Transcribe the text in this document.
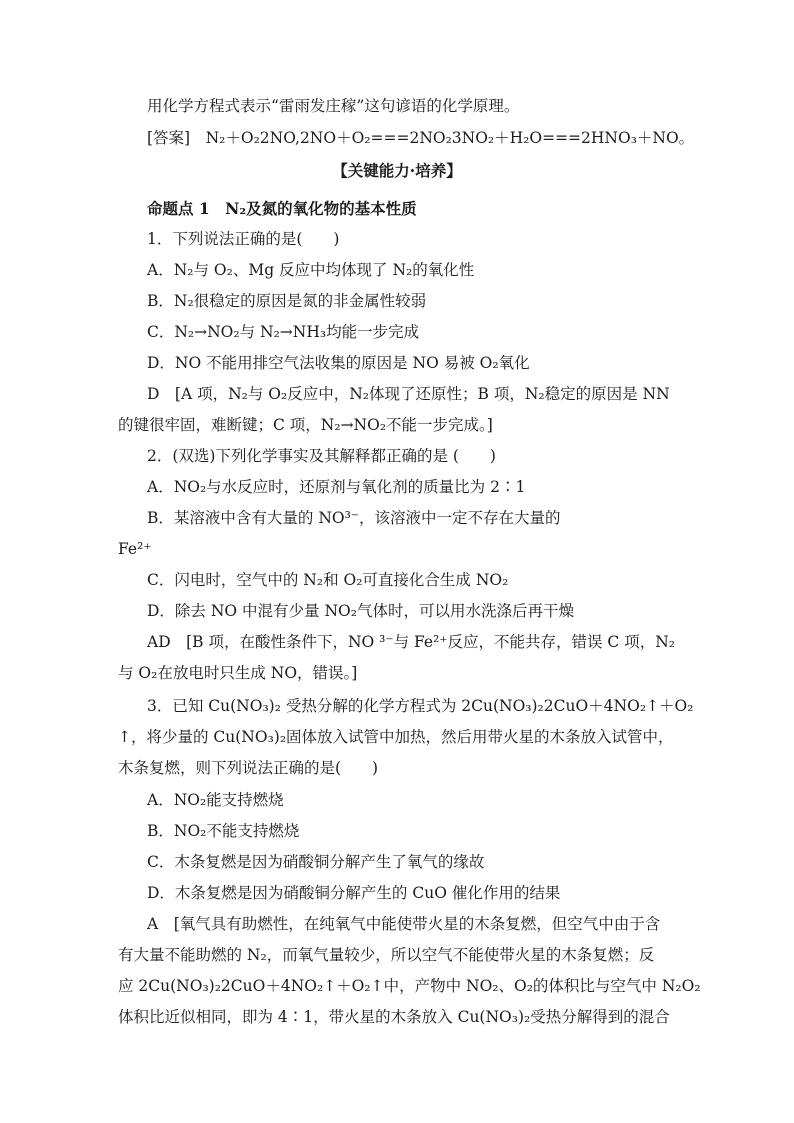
用化学方程式表示“雷雨发庄稼”这句谚语的化学原理。
[答案]　N₂＋O₂2NO,2NO＋O₂===2NO₂3NO₂＋H₂O===2HNO₃＋NO。
【关键能力·培养】
命题点 1　N₂及氮的氧化物的基本性质
1．下列说法正确的是(　　)
A．N₂与 O₂、Mg 反应中均体现了 N₂的氧化性
B．N₂很稳定的原因是氮的非金属性较弱
C．N₂→NO₂与 N₂→NH₃均能一步完成
D．NO 不能用排空气法收集的原因是 NO 易被 O₂氧化
D　[A 项，N₂与 O₂反应中，N₂体现了还原性；B 项，N₂稳定的原因是 NN
的键很牢固，难断键；C 项，N₂→NO₂不能一步完成。]
2．(双选)下列化学事实及其解释都正确的是 (　　)
A．NO₂与水反应时，还原剂与氧化剂的质量比为 2∶1
B．某溶液中含有大量的 NO³⁻，该溶液中一定不存在大量的
Fe²⁺
C．闪电时，空气中的 N₂和 O₂可直接化合生成 NO₂
D．除去 NO 中混有少量 NO₂气体时，可以用水洗涤后再干燥
AD　[B 项，在酸性条件下，NO ³⁻与 Fe²⁺反应，不能共存，错误 C 项，N₂
与 O₂在放电时只生成 NO，错误。]
3．已知 Cu(NO₃)₂ 受热分解的化学方程式为 2Cu(NO₃)₂2CuO＋4NO₂↑＋O₂
↑，将少量的 Cu(NO₃)₂固体放入试管中加热，然后用带火星的木条放入试管中，
木条复燃，则下列说法正确的是(　　)
A．NO₂能支持燃烧
B．NO₂不能支持燃烧
C．木条复燃是因为硝酸铜分解产生了氧气的缘故
D．木条复燃是因为硝酸铜分解产生的 CuO 催化作用的结果
A　[氧气具有助燃性，在纯氧气中能使带火星的木条复燃，但空气中由于含
有大量不能助燃的 N₂，而氧气量较少，所以空气不能使带火星的木条复燃；反
应 2Cu(NO₃)₂2CuO＋4NO₂↑＋O₂↑中，产物中 NO₂、O₂的体积比与空气中 N₂O₂
体积比近似相同，即为 4∶1，带火星的木条放入 Cu(NO₃)₂受热分解得到的混合
